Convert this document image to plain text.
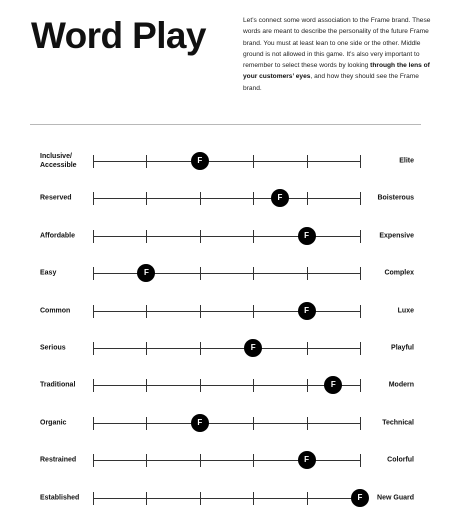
Word Play	Let’s connect some word association to the Frame brand. These words are meant to describe the personality of the future Frame brand. You must at least lean to one side or the other. Middle ground is not allowed in this game. It’s also very important to remember to select these words by looking through the lens of your customers’ eyes, and how they should see the Frame brand.
Inclusive/
Accessible
F	Elite
Reserved	F	Boisterous
Affordable	F	Expensive
Easy	F	Complex
Common	F	Luxe
Serious	F	Playful
Traditional	F	Modern
Organic	F	Technical
Restrained	F	Colorful
Established	F	New Guard
